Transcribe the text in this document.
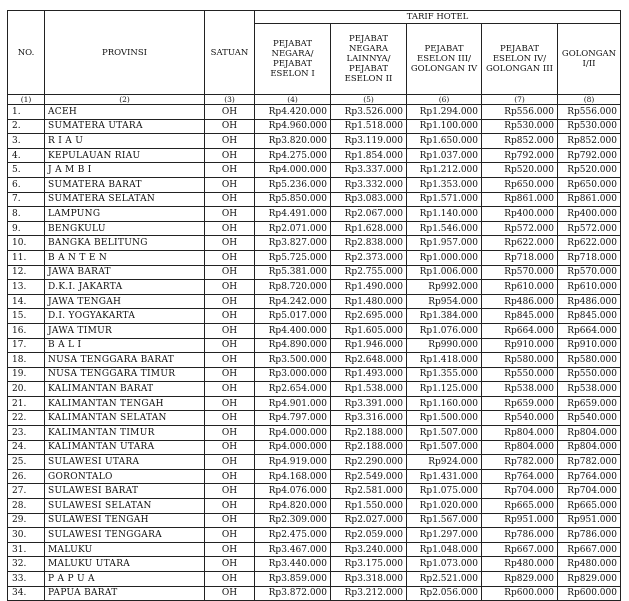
NO.	PROVINSI	SATUAN	TARIF HOTEL				
			PEJABAT NEGARA/ PEJABAT ESELON I	PEJABAT NEGARA LAINNYA/ PEJABAT ESELON II	PEJABAT ESELON III/ GOLONGAN IV	PEJABAT ESELON IV/ GOLONGAN III	GOLONGAN I/II
(1)	(2)	(3)	(4)	(5)	(6)	(7)	(8)
1.	ACEH	OH	Rp4.420.000	Rp3.526.000	Rp1.294.000	Rp556.000	Rp556.000
2.	SUMATERA UTARA	OH	Rp4.960.000	Rp1.518.000	Rp1.100.000	Rp530.000	Rp530.000
3.	R I A U	OH	Rp3.820.000	Rp3.119.000	Rp1.650.000	Rp852.000	Rp852.000
4.	KEPULAUAN RIAU	OH	Rp4.275.000	Rp1.854.000	Rp1.037.000	Rp792.000	Rp792.000
5.	J A M B I	OH	Rp4.000.000	Rp3.337.000	Rp1.212.000	Rp520.000	Rp520.000
6.	SUMATERA BARAT	OH	Rp5.236.000	Rp3.332.000	Rp1.353.000	Rp650.000	Rp650.000
7.	SUMATERA SELATAN	OH	Rp5.850.000	Rp3.083.000	Rp1.571.000	Rp861.000	Rp861.000
8.	LAMPUNG	OH	Rp4.491.000	Rp2.067.000	Rp1.140.000	Rp400.000	Rp400.000
9.	BENGKULU	OH	Rp2.071.000	Rp1.628.000	Rp1.546.000	Rp572.000	Rp572.000
10.	BANGKA BELITUNG	OH	Rp3.827.000	Rp2.838.000	Rp1.957.000	Rp622.000	Rp622.000
11.	B A N T E N	OH	Rp5.725.000	Rp2.373.000	Rp1.000.000	Rp718.000	Rp718.000
12.	JAWA BARAT	OH	Rp5.381.000	Rp2.755.000	Rp1.006.000	Rp570.000	Rp570.000
13.	D.K.I. JAKARTA	OH	Rp8.720.000	Rp1.490.000	Rp992.000	Rp610.000	Rp610.000
14.	JAWA TENGAH	OH	Rp4.242.000	Rp1.480.000	Rp954.000	Rp486.000	Rp486.000
15.	D.I. YOGYAKARTA	OH	Rp5.017.000	Rp2.695.000	Rp1.384.000	Rp845.000	Rp845.000
16.	JAWA TIMUR	OH	Rp4.400.000	Rp1.605.000	Rp1.076.000	Rp664.000	Rp664.000
17.	B A L I	OH	Rp4.890.000	Rp1.946.000	Rp990.000	Rp910.000	Rp910.000
18.	NUSA TENGGARA BARAT	OH	Rp3.500.000	Rp2.648.000	Rp1.418.000	Rp580.000	Rp580.000
19.	NUSA TENGGARA TIMUR	OH	Rp3.000.000	Rp1.493.000	Rp1.355.000	Rp550.000	Rp550.000
20.	KALIMANTAN BARAT	OH	Rp2.654.000	Rp1.538.000	Rp1.125.000	Rp538.000	Rp538.000
21.	KALIMANTAN TENGAH	OH	Rp4.901.000	Rp3.391.000	Rp1.160.000	Rp659.000	Rp659.000
22.	KALIMANTAN SELATAN	OH	Rp4.797.000	Rp3.316.000	Rp1.500.000	Rp540.000	Rp540.000
23.	KALIMANTAN TIMUR	OH	Rp4.000.000	Rp2.188.000	Rp1.507.000	Rp804.000	Rp804.000
24.	KALIMANTAN UTARA	OH	Rp4.000.000	Rp2.188.000	Rp1.507.000	Rp804.000	Rp804.000
25.	SULAWESI UTARA	OH	Rp4.919.000	Rp2.290.000	Rp924.000	Rp782.000	Rp782.000
26.	GORONTALO	OH	Rp4.168.000	Rp2.549.000	Rp1.431.000	Rp764.000	Rp764.000
27.	SULAWESI BARAT	OH	Rp4.076.000	Rp2.581.000	Rp1.075.000	Rp704.000	Rp704.000
28.	SULAWESI SELATAN	OH	Rp4.820.000	Rp1.550.000	Rp1.020.000	Rp665.000	Rp665.000
29.	SULAWESI TENGAH	OH	Rp2.309.000	Rp2.027.000	Rp1.567.000	Rp951.000	Rp951.000
30.	SULAWESI TENGGARA	OH	Rp2.475.000	Rp2.059.000	Rp1.297.000	Rp786.000	Rp786.000
31.	MALUKU	OH	Rp3.467.000	Rp3.240.000	Rp1.048.000	Rp667.000	Rp667.000
32.	MALUKU UTARA	OH	Rp3.440.000	Rp3.175.000	Rp1.073.000	Rp480.000	Rp480.000
33.	P A P U A	OH	Rp3.859.000	Rp3.318.000	Rp2.521.000	Rp829.000	Rp829.000
34.	PAPUA BARAT	OH	Rp3.872.000	Rp3.212.000	Rp2.056.000	Rp600.000	Rp600.000
